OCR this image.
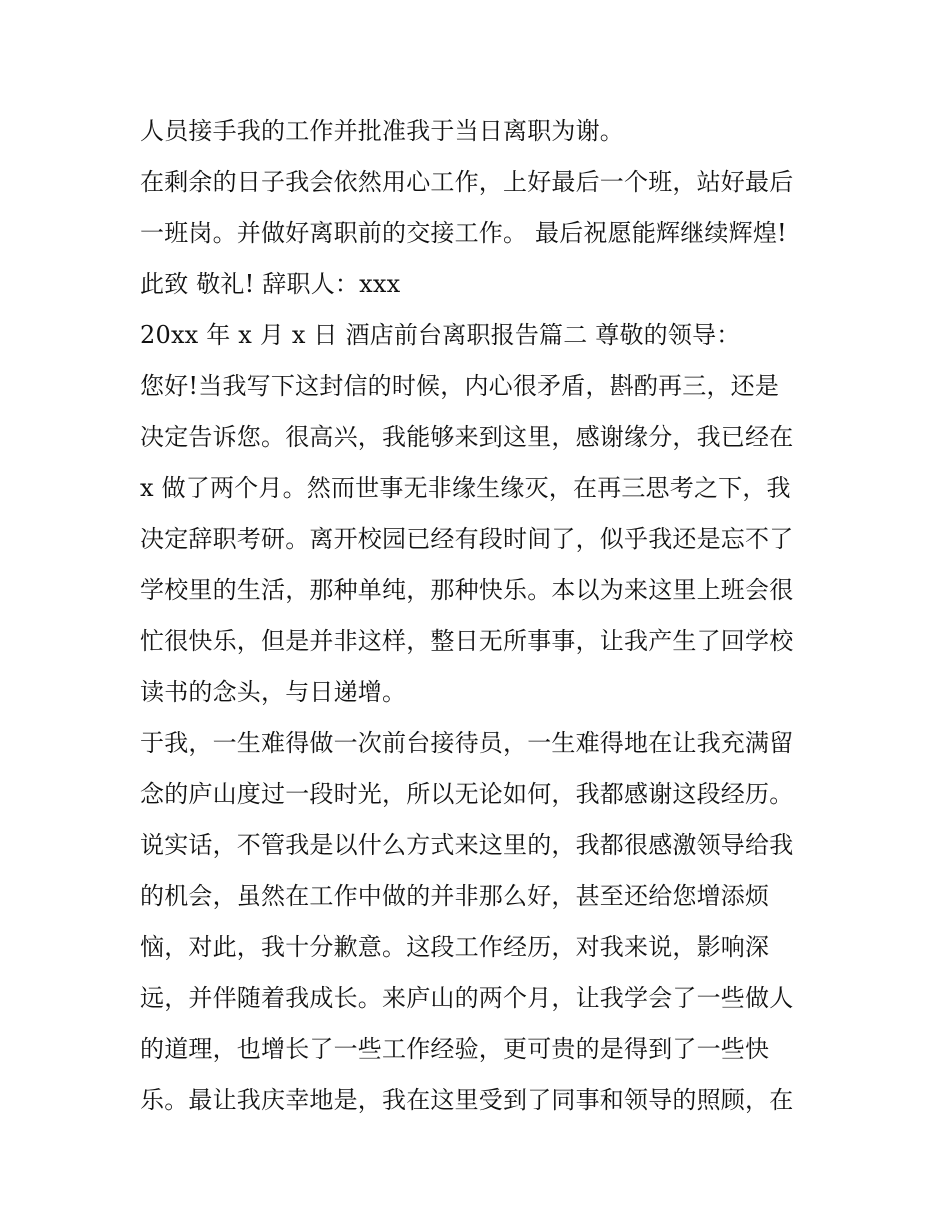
人员接手我的工作并批准我于当日离职为谢。
在剩余的日子我会依然用心工作，上好最后一个班，站好最后
一班岗。并做好离职前的交接工作。 最后祝愿能辉继续辉煌!
此致 敬礼! 辞职人：xxx
20xx 年 x 月 x 日 酒店前台离职报告篇二 尊敬的领导：
您好!当我写下这封信的时候，内心很矛盾，斟酌再三，还是
决定告诉您。很高兴，我能够来到这里，感谢缘分，我已经在
x 做了两个月。然而世事无非缘生缘灭，在再三思考之下，我
决定辞职考研。离开校园已经有段时间了，似乎我还是忘不了
学校里的生活，那种单纯，那种快乐。本以为来这里上班会很
忙很快乐，但是并非这样，整日无所事事，让我产生了回学校
读书的念头，与日递增。
于我，一生难得做一次前台接待员，一生难得地在让我充满留
念的庐山度过一段时光，所以无论如何，我都感谢这段经历。
说实话，不管我是以什么方式来这里的，我都很感激领导给我
的机会，虽然在工作中做的并非那么好，甚至还给您增添烦
恼，对此，我十分歉意。这段工作经历，对我来说，影响深
远，并伴随着我成长。来庐山的两个月，让我学会了一些做人
的道理，也增长了一些工作经验，更可贵的是得到了一些快
乐。最让我庆幸地是，我在这里受到了同事和领导的照顾，在
